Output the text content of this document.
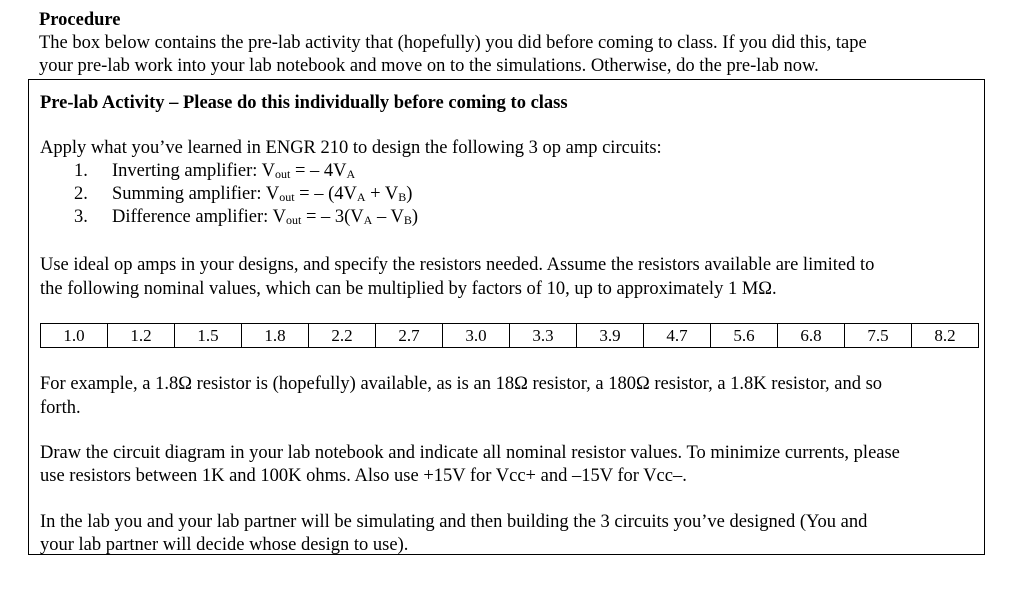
Procedure
The box below contains the pre-lab activity that (hopefully) you did before coming to class. If you did this, tape
your pre-lab work into your lab notebook and move on to the simulations. Otherwise, do the pre-lab now.
Pre-lab Activity – Please do this individually before coming to class
Apply what you’ve learned in ENGR 210 to design the following 3 op amp circuits:
1. Inverting amplifier: $V_{out}$ = – $4V_A$
2. Summing amplifier: $V_{out}$ = – $(4V_A + V_B)$
3. Difference amplifier: $V_{out}$ = – $3(V_A - V_B)$
Use ideal op amps in your designs, and specify the resistors needed. Assume the resistors available are limited to
the following nominal values, which can be multiplied by factors of 10, up to approximately 1 MΩ.
1.0	1.2	1.5	1.8	2.2	2.7	3.0	3.3	3.9	4.7	5.6	6.8	7.5	8.2
For example, a 1.8Ω resistor is (hopefully) available, as is an 18Ω resistor, a 180Ω resistor, a 1.8K resistor, and so
forth.
Draw the circuit diagram in your lab notebook and indicate all nominal resistor values. To minimize currents, please
use resistors between 1K and 100K ohms. Also use +15V for Vcc+ and –15V for Vcc–.
In the lab you and your lab partner will be simulating and then building the 3 circuits you’ve designed (You and
your lab partner will decide whose design to use).
